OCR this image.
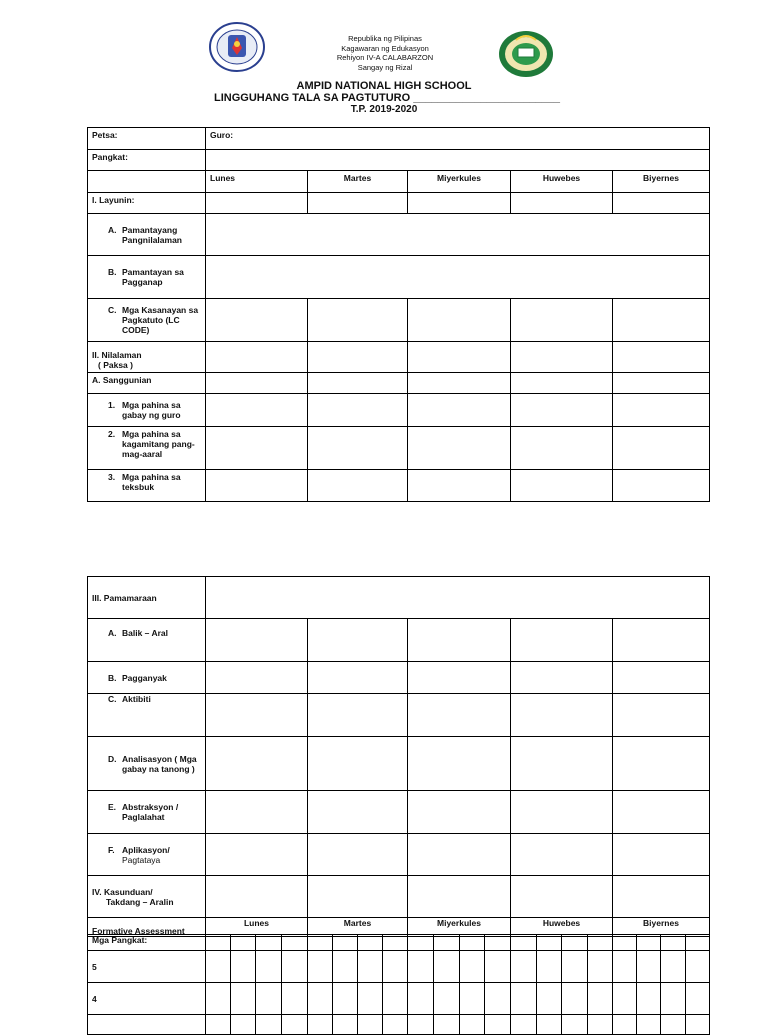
Republika ng Pilipinas
Kagawaran ng Edukasyon
Rehiyon IV-A CALABARZON
Sangay ng Rizal
AMPID NATIONAL HIGH SCHOOL
LINGGUHANG TALA SA PAGTUTURO ________________________
T.P. 2019-2020
Petsa:	Guro:
Pangkat:	
	Lunes	Martes	Miyerkules	Huwebes	Biyernes
I. Layunin:					

A.	Pamantayang Pangnilalaman

B.	Pamantayan sa Pagganap

C.	Mga Kasanayan sa Pagkatuto (LC CODE)

II. Nilalaman
( Paksa )

A. Sanggunian					

1.	Mga pahina sa gabay ng guro

2.	Mga pahina sa kagamitang pang-mag-aaral

3.	Mga pahina sa teksbuk

III. Pamamaraan	
A. Balik – Aral					
B. Pagganyak					
C. Aktibiti					

D.	Analisasyon ( Mga gabay na tanong )

E.	Abstraksyon / Paglalahat

F.	Aplikasyon/
Pagtataya

IV. Kasunduan/
Takdang – Aralin

Formative Assessment	Lunes	Martes	Miyerkules	Huwebes	Biyernes
Mga Pangkat:																				
5																				
4																				
